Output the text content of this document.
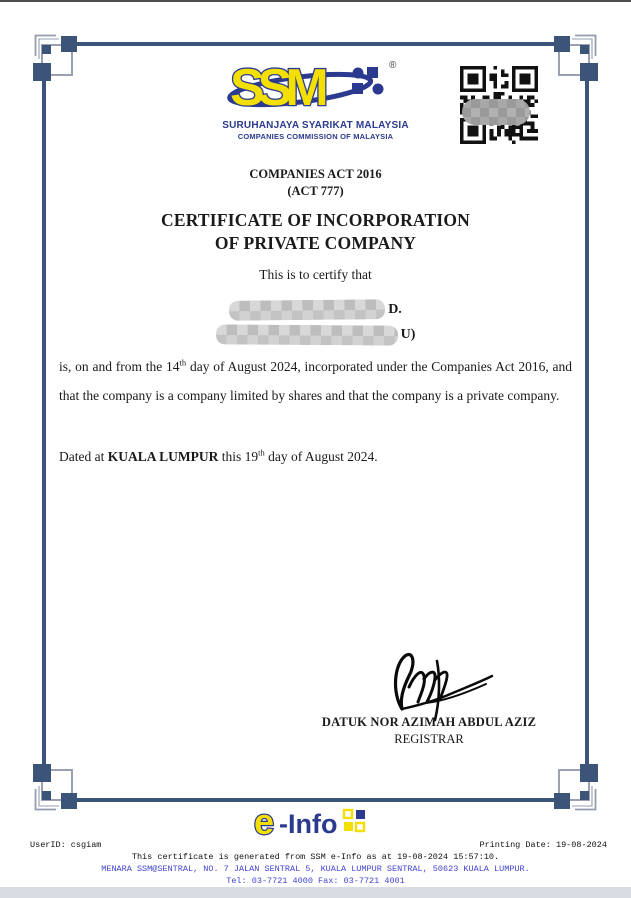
SSM	®
SURUHANJAYA SYARIKAT MALAYSIA
COMPANIES COMMISSION OF MALAYSIA
COMPANIES ACT 2016
(ACT 777)
CERTIFICATE OF INCORPORATION
OF PRIVATE COMPANY
This is to certify that
D.
U)
is, on and from the 14th day of August 2024, incorporated under the Companies Act 2016, and that the company is a company limited by shares and that the company is a private company.
Dated at KUALA LUMPUR this 19th day of August 2024.
DATUK NOR AZIMAH ABDUL AZIZ
REGISTRAR
e -Info
UserID: csgiam	Printing Date: 19-08-2024
This certificate is generated from SSM e-Info as at 19-08-2024 15:57:10.
MENARA SSM@SENTRAL, NO. 7 JALAN SENTRAL 5, KUALA LUMPUR SENTRAL, 50623 KUALA LUMPUR.
Tel: 03-7721 4000 Fax: 03-7721 4001
